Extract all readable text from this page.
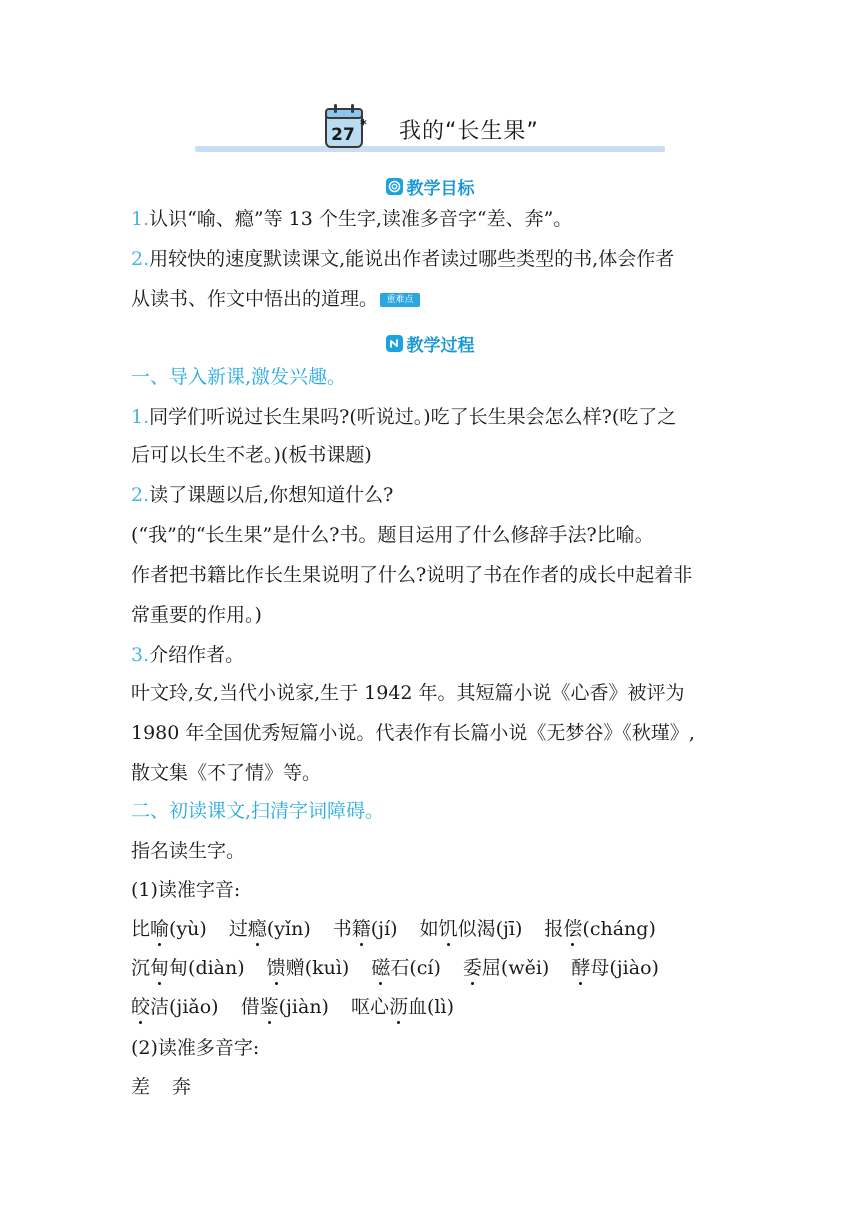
27 * 我的“长生果”
教学目标
1.认识“喻、瘾”等 13 个生字,读准多音字“差、奔”。
2.用较快的速度默读课文,能说出作者读过哪些类型的书,体会作者
从读书、作文中悟出的道理。 重难点
教学过程
一、导入新课,激发兴趣。
1.同学们听说过长生果吗?(听说过。)吃了长生果会怎么样?(吃了之
后可以长生不老。)(板书课题)
2.读了课题以后,你想知道什么?
(“我”的“长生果”是什么?书。题目运用了什么修辞手法?比喻。
作者把书籍比作长生果说明了什么?说明了书在作者的成长中起着非
常重要的作用。)
3.介绍作者。
叶文玲,女,当代小说家,生于 1942 年。其短篇小说《心香》被评为
1980 年全国优秀短篇小说。代表作有长篇小说《无梦谷》《秋瑾》,
散文集《不了情》等。
二、初读课文,扫清字词障碍。
指名读生字。
(1)读准字音:
比喻(yù) 过瘾(yǐn) 书籍(jí) 如饥似渴(jī) 报偿(cháng)
沉甸甸(diàn) 馈赠(kuì) 磁石(cí) 委屈(wěi) 酵母(jiào)
皎洁(jiǎo) 借鉴(jiàn) 呕心沥血(lì)
(2)读准多音字:
差 奔
